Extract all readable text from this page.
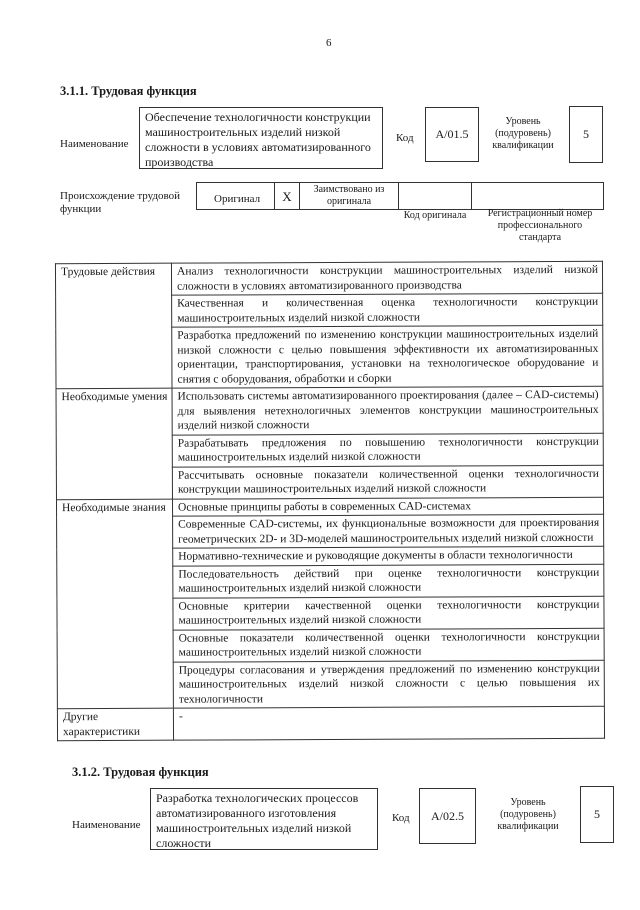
6
3.1.1. Трудовая функция
Наименование
Обеспечение технологичности конструкции машиностроительных изделий низкой сложности в условиях автоматизированного производства
Код A/01.5
Уровень (подуровень) квалификации
5
Происхождение трудовой функции
Оригинал	X	Заимствовано из оригинала
Код оригинала	Регистрационный номер профессионального стандарта
Трудовые действия	Анализ технологичности конструкции машиностроительных изделий низкой сложности в условиях автоматизированного производства
	Качественная и количественная оценка технологичности конструкции машиностроительных изделий низкой сложности
	Разработка предложений по изменению конструкции машиностроительных изделий низкой сложности с целью повышения эффективности их автоматизированных ориентации, транспортирования, установки на технологическое оборудование и снятия с оборудования, обработки и сборки
Необходимые умения	Использовать системы автоматизированного проектирования (далее – CAD-системы) для выявления нетехнологичных элементов конструкции машиностроительных изделий низкой сложности
	Разрабатывать предложения по повышению технологичности конструкции машиностроительных изделий низкой сложности
	Рассчитывать основные показатели количественной оценки технологичности конструкции машиностроительных изделий низкой сложности
Необходимые знания	Основные принципы работы в современных CAD-системах
	Современные CAD-системы, их функциональные возможности для проектирования геометрических 2D- и 3D-моделей машиностроительных изделий низкой сложности
	Нормативно-технические и руководящие документы в области технологичности
	Последовательность действий при оценке технологичности конструкции машиностроительных изделий низкой сложности
	Основные критерии качественной оценки технологичности конструкции машиностроительных изделий низкой сложности
	Основные показатели количественной оценки технологичности конструкции машиностроительных изделий низкой сложности
	Процедуры согласования и утверждения предложений по изменению конструкции машиностроительных изделий низкой сложности с целью повышения их технологичности
Другие характеристики	-
3.1.2. Трудовая функция
Наименование
Разработка технологических процессов автоматизированного изготовления машиностроительных изделий низкой сложности
Код A/02.5
Уровень (подуровень) квалификации
5
